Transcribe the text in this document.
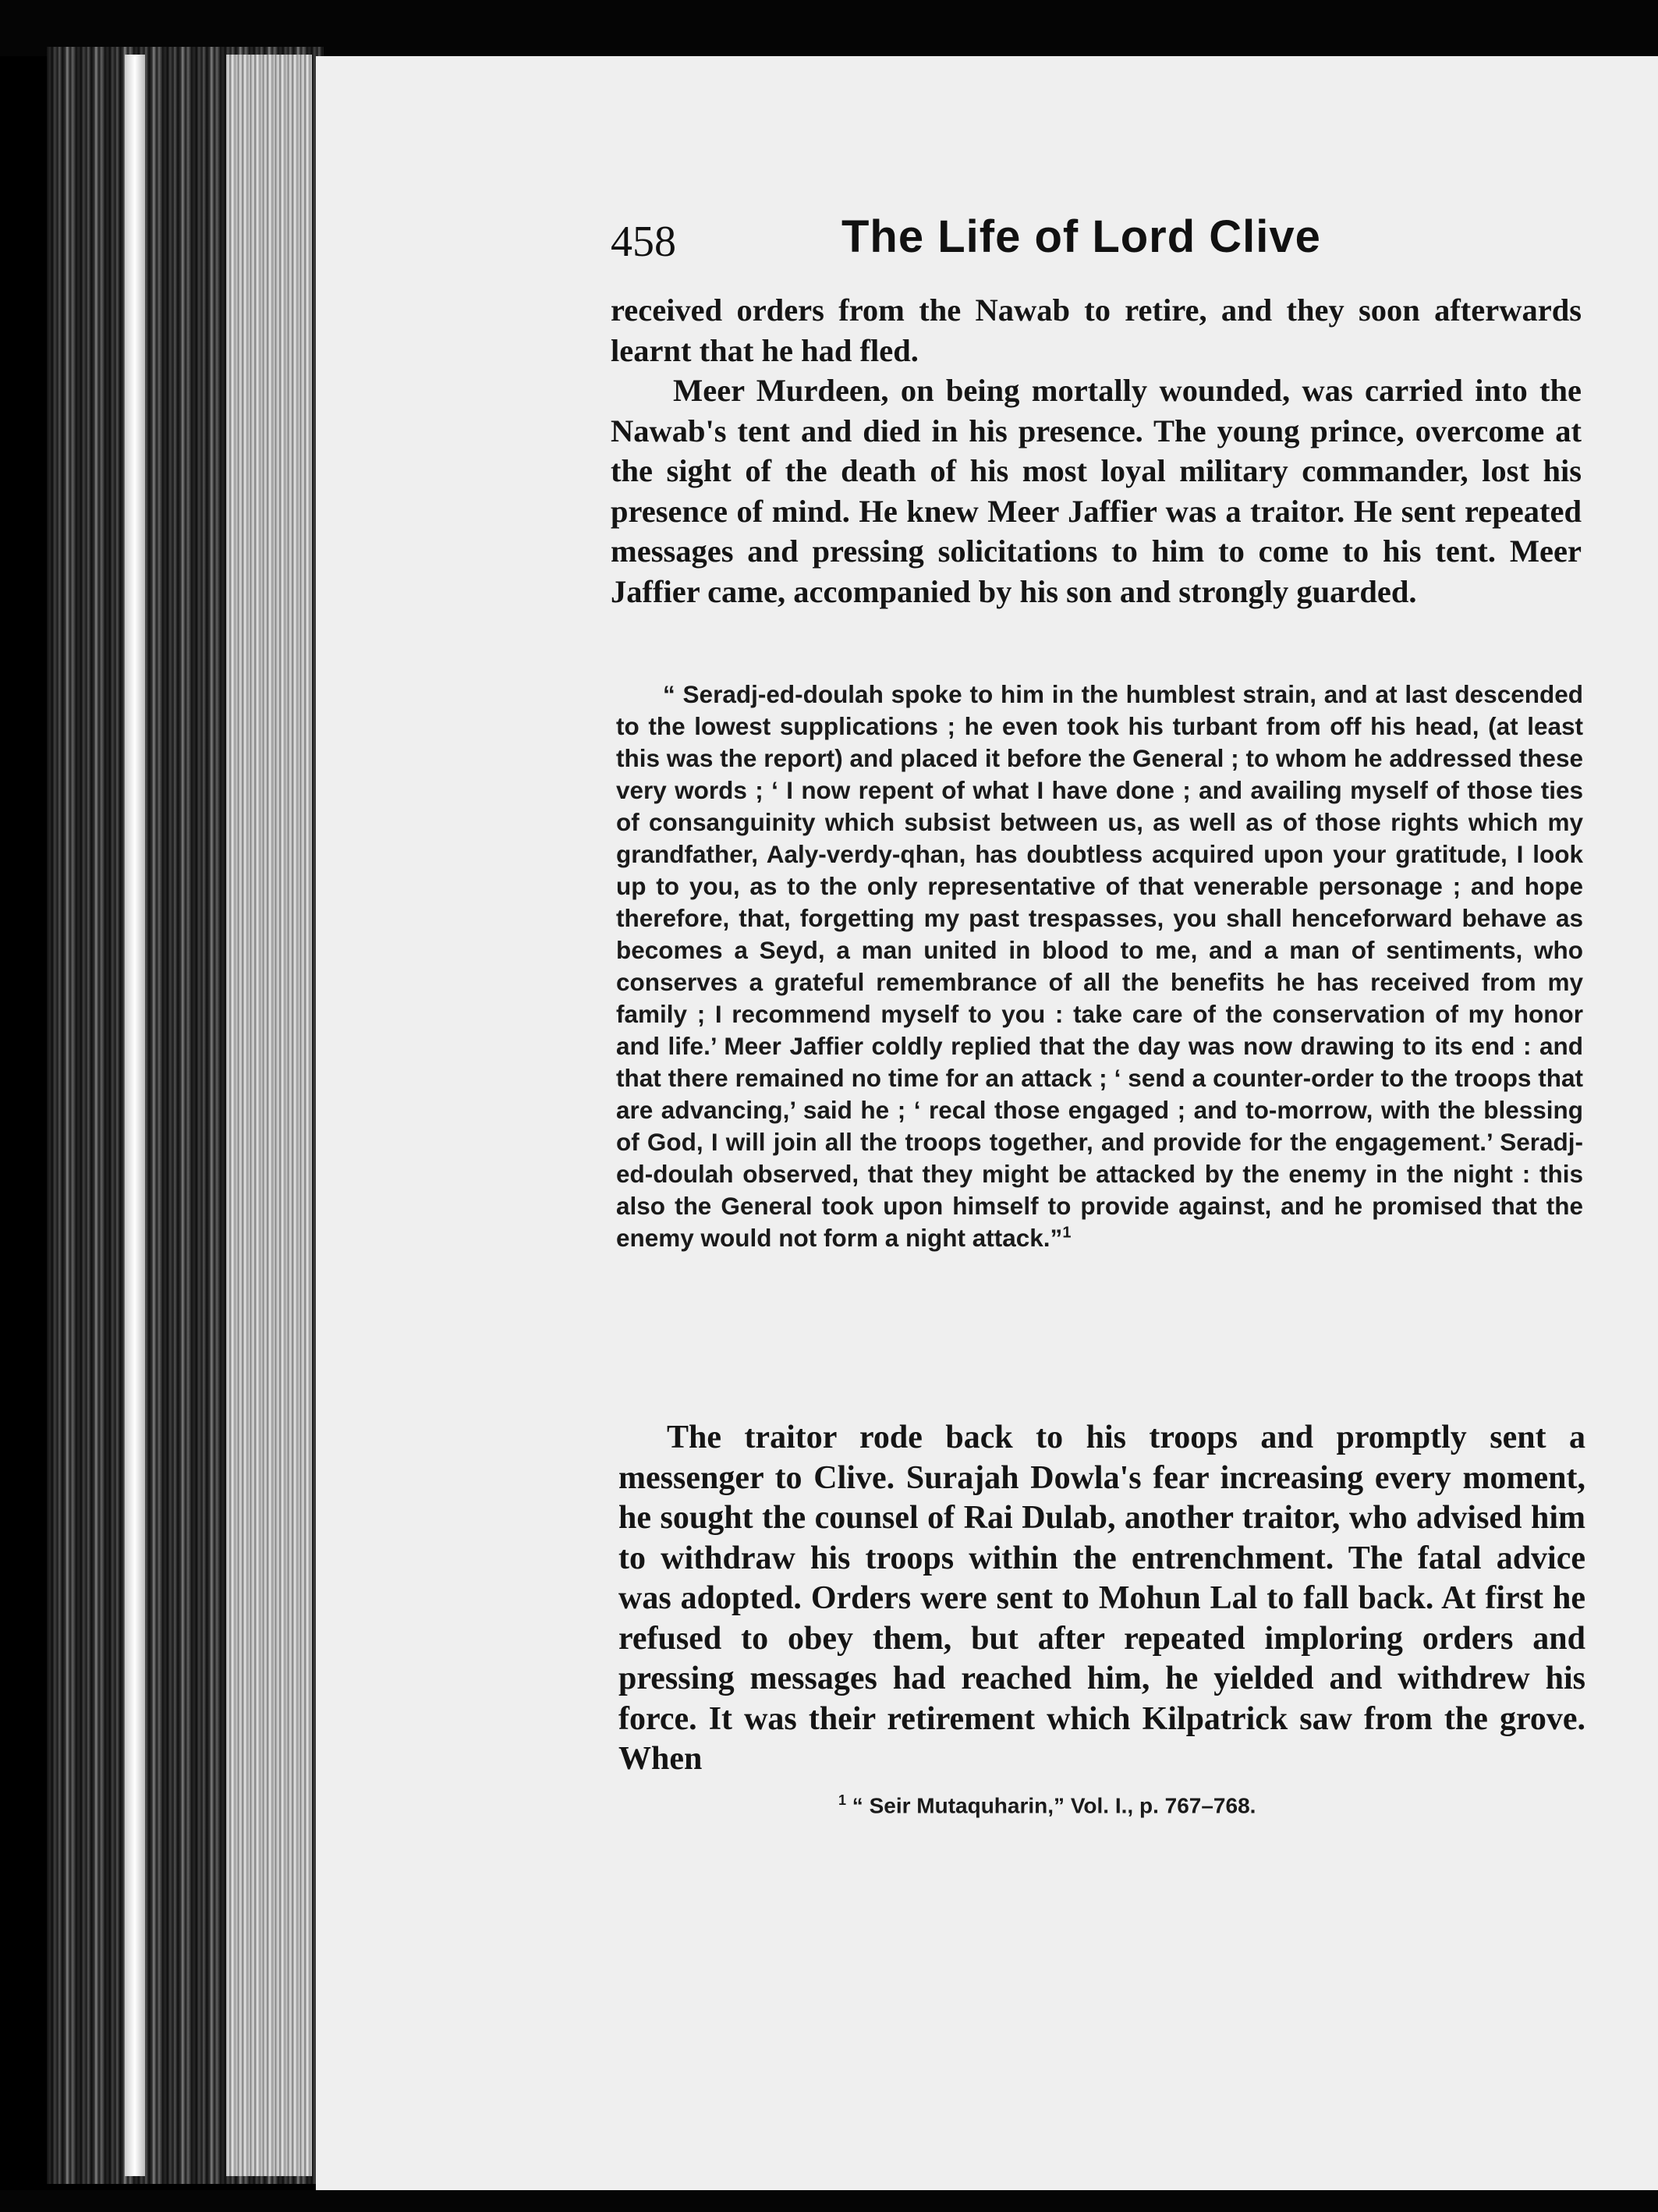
458	The Life of Lord Clive

received orders from the Nawab to retire, and they soon afterwards learnt that he had fled.

Meer Murdeen, on being mortally wounded, was carried into the Nawab's tent and died in his presence. The young prince, overcome at the sight of the death of his most loyal military commander, lost his presence of mind. He knew Meer Jaffier was a traitor. He sent repeated messages and pressing solicitations to him to come to his tent. Meer Jaffier came, accompanied by his son and strongly guarded.

“ Seradj-ed-doulah spoke to him in the humblest strain, and at last descended to the lowest supplications ; he even took his turbant from off his head, (at least this was the report) and placed it before the General ; to whom he addressed these very words ; ‘ I now repent of what I have done ; and availing myself of those ties of consanguinity which subsist between us, as well as of those rights which my grandfather, Aaly-verdy-qhan, has doubtless acquired upon your gratitude, I look up to you, as to the only representative of that venerable personage ; and hope therefore, that, forgetting my past trespasses, you shall henceforward behave as becomes a Seyd, a man united in blood to me, and a man of sentiments, who conserves a grateful remembrance of all the benefits he has received from my family ; I recommend myself to you : take care of the conservation of my honor and life.’ Meer Jaffier coldly replied that the day was now drawing to its end : and that there remained no time for an attack ; ‘ send a counter-order to the troops that are advancing,’ said he ; ‘ recal those engaged ; and to-morrow, with the blessing of God, I will join all the troops together, and provide for the engagement.’ Seradj-ed-doulah observed, that they might be attacked by the enemy in the night : this also the General took upon himself to provide against, and he promised that the enemy would not form a night attack.”$^1$
The traitor rode back to his troops and promptly sent a messenger to Clive. Surajah Dowla's fear increasing every moment, he sought the counsel of Rai Dulab, another traitor, who advised him to withdraw his troops within the entrenchment. The fatal advice was adopted. Orders were sent to Mohun Lal to fall back. At first he refused to obey them, but after repeated imploring orders and pressing messages had reached him, he yielded and withdrew his force. It was their retirement which Kilpatrick saw from the grove. When
$^1$ “ Seir Mutaquharin,” Vol. I., p. 767–768.
